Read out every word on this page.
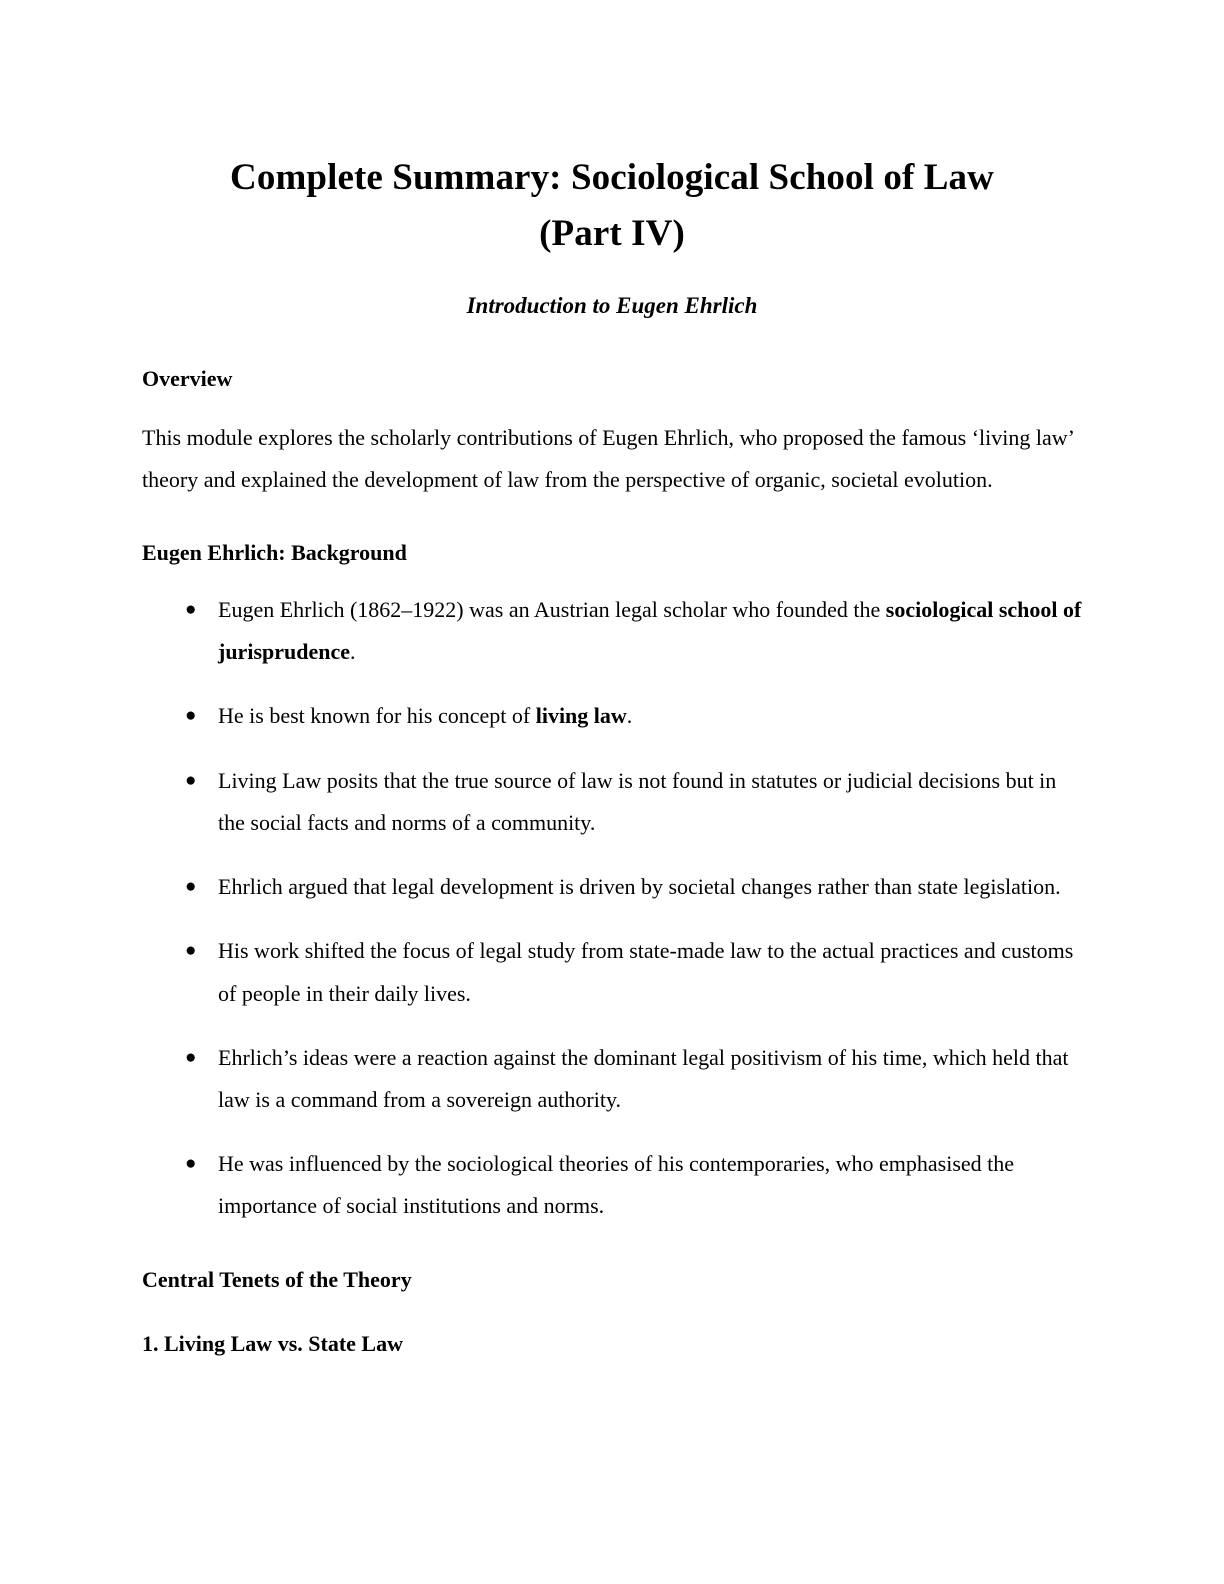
Complete Summary: Sociological School of Law
(Part IV)
Introduction to Eugen Ehrlich
Overview

This module explores the scholarly contributions of Eugen Ehrlich, who proposed the famous ‘living law’ theory and explained the development of law from the perspective of organic, societal evolution.

Eugen Ehrlich: Background
● Eugen Ehrlich (1862–1922) was an Austrian legal scholar who founded the sociological school of jurisprudence.
● He is best known for his concept of living law.
● Living Law posits that the true source of law is not found in statutes or judicial decisions but in the social facts and norms of a community.
● Ehrlich argued that legal development is driven by societal changes rather than state legislation.
● His work shifted the focus of legal study from state-made law to the actual practices and customs of people in their daily lives.
● Ehrlich’s ideas were a reaction against the dominant legal positivism of his time, which held that law is a command from a sovereign authority.
● He was influenced by the sociological theories of his contemporaries, who emphasised the importance of social institutions and norms.
Central Tenets of the Theory
1. Living Law vs. State Law
